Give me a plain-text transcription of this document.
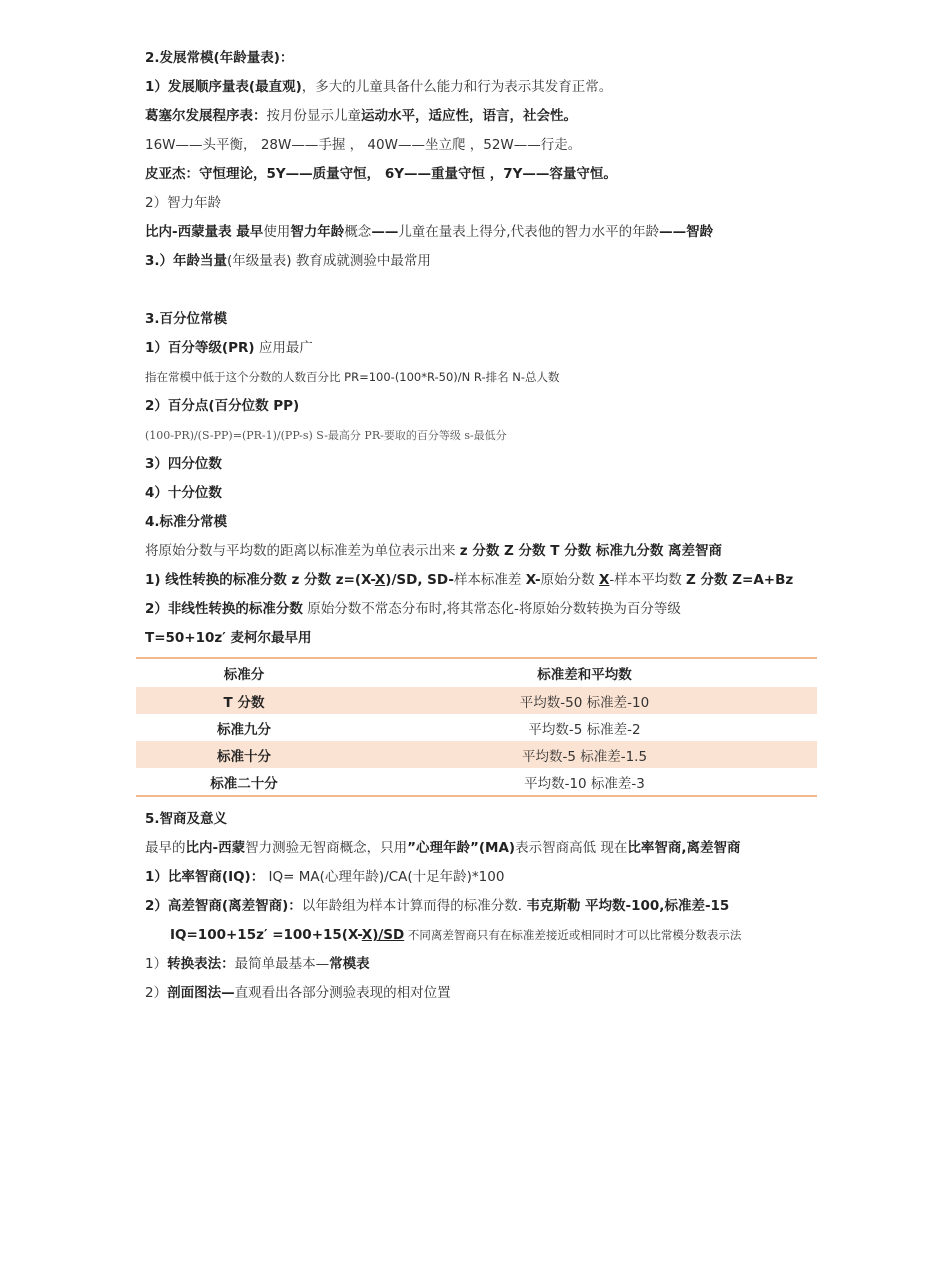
2.发展常模(年龄量表)：
1）发展顺序量表(最直观)，多大的儿童具备什么能力和行为表示其发育正常。
葛塞尔发展程序表：按月份显示儿童运动水平，适应性，语言，社会性。
16W——头平衡， 28W——手握 ， 40W——坐立爬 ，52W——行走。
皮亚杰：守恒理论，5Y——质量守恒， 6Y——重量守恒 ，7Y——容量守恒。
2）智力年龄
比内-西蒙量表 最早使用智力年龄概念——儿童在量表上得分,代表他的智力水平的年龄——智龄
3.）年龄当量(年级量表) 教育成就测验中最常用
3.百分位常模
1）百分等级(PR) 应用最广
指在常模中低于这个分数的人数百分比 PR=100-(100*R-50)/N R-排名 N-总人数
2）百分点(百分位数 PP)
(100-PR)/(S-PP)=(PR-1)/(PP-s) S-最高分 PR-要取的百分等级 s-最低分
3）四分位数
4）十分位数
4.标准分常模
将原始分数与平均数的距离以标准差为单位表示出来 z 分数 Z 分数 T 分数 标准九分数 离差智商
1) 线性转换的标准分数 z 分数 z=(X-X)/SD, SD-样本标准差 X-原始分数 X-样本平均数 Z 分数 Z=A+Bz
2）非线性转换的标准分数 原始分数不常态分布时,将其常态化-将原始分数转换为百分等级
T=50+10z′ 麦柯尔最早用
标准分	标准差和平均数
T 分数	平均数-50 标准差-10
标准九分	平均数-5 标准差-2
标准十分	平均数-5 标准差-1.5
标准二十分	平均数-10 标准差-3
5.智商及意义
最早的比内-西蒙智力测验无智商概念，只用”心理年龄”(MA)表示智商高低 现在比率智商,离差智商
1）比率智商(IQ)： IQ= MA(心理年龄)/CA(十足年龄)*100
2）高差智商(离差智商)：以年龄组为样本计算而得的标准分数. 韦克斯勒 平均数-100,标准差-15
IQ=100+15z′ =100+15(X-X)/SD 不同离差智商只有在标准差接近或相同时才可以比常模分数表示法
1）转换表法：最简单最基本—常模表
2）剖面图法—直观看出各部分测验表现的相对位置
